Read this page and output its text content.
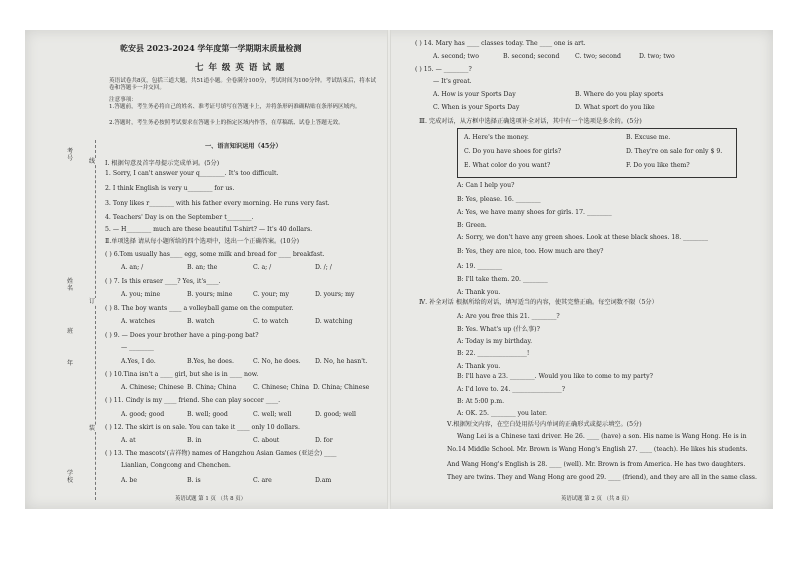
考号	线
姓名
订
班
年
装
学校
乾安县 2023-2024 学年度第一学期期末质量检测
七 年 级 英 语 试 题
英语试卷共8页，包括三道大题，共51道小题。全卷满分100分，考试时间为100分钟。考试结束后，将本试卷和答题卡一并交回。
注意事项：
1.答题前，考生务必将自己的姓名、准考证号填写在答题卡上，并将条形码准确粘贴在条形码区域内。
2.答题时，考生务必按照考试要求在答题卡上的指定区域内作答，在草稿纸、试卷上答题无效。
一、语言知识运用（45分）
Ⅰ. 根据句意及首字母提示完成单词。(5分)
1. Sorry, I can't answer your q________. It's too difficult.
2. I think English is very u________ for us.
3. Tony likes r________ with his father every morning. He runs very fast.
4. Teachers' Day is on the September t________.
5. — H________ much are these beautiful T-shirt? — It's 40 dollars.
Ⅱ.单项选择 请从每小题所给的四个选项中，选出一个正确答案。(10分)
( ) 6.Tom usually has____ egg, some milk and bread for ____ breakfast.
A. an; /	B. an; the	C. a; /	D. /; /
( ) 7. Is this eraser ____? Yes, it's____.
A. you; mine	B. yours; mine	C. your; my	D. yours; my
( ) 8. The boy wants ____ a volleyball game on the computer.
A. watches	B. watch	C. to watch	D. watching
( ) 9. — Does your brother have a ping-pong bat?
— ________
A.Yes, I do.	B.Yes, he does.	C. No, he does. D. No, he hasn't.
( ) 10.Tina isn't a ____ girl, but she is in ____ now.
A. Chinese; Chinese B. China; China	C. Chinese; China D. China; Chinese
( ) 11. Cindy is my ____ friend. She can play soccer ____.
A. good; good	B. well; good	C. well; well	D. good; well
( ) 12. The skirt is on sale. You can take it ____ only 10 dollars.
A. at	B. in	C. about	D. for
( ) 13. The mascots'(吉祥物) names of Hangzhou Asian Games (亚运会) ____
Lianlian, Congcong and Chenchen.
A. be	B. is	C. are	D.am
英语试题 第 1 页 （共 8 页）
( ) 14. Mary has ____ classes today. The ____ one is art.
A. second; two	B. second; second	C. two; second	D. two; two
( ) 15. — ________?
— It's great.
A. How is your Sports Day	B. Where do you play sports
C. When is your Sports Day	D. What sport do you like
Ⅲ. 完成对话，从方框中选择正确选项补全对话，其中有一个选项是多余的。(5分)
A. Here's the money.	B. Excuse me.
C. Do you have shoes for girls?	D. They're on sale for only $ 9.
E. What color do you want?	F. Do you like them?
A: Can I help you?
B: Yes, please. 16. ________
A: Yes, we have many shoes for girls. 17. ________
B: Green.
A: Sorry, we don't have any green shoes. Look at these black shoes. 18. ________
B: Yes, they are nice, too. How much are they?
A: 19. ________
B: I'll take them. 20. ________
A: Thank you.
Ⅳ. 补全对话 根据所给的对话，填写适当的内容，使其完整正确。每空词数不限（5分）
A: Are you free this 21. ________?
B: Yes. What's up (什么事)?
A: Today is my birthday.
B: 22. ________________!
A: Thank you.
B: I'll have a 23. ________. Would you like to come to my party?
A: I'd love to. 24. ________________?
B: At 5:00 p.m.
A: OK. 25. ________ you later.
Ⅴ.根据短文内容，在空白处用括号内单词的正确形式或提示填空。(5分)
Wang Lei is a Chinese taxi driver. He 26. ____ (have) a son. His name is Wang Hong. He is in
No.14 Middle School. Mr. Brown is Wang Hong's English 27. ____ (teach). He likes his students.
And Wang Hong's English is 28. ____ (well). Mr. Brown is from America. He has two daughters.
They are twins. They and Wang Hong are good 29. ____ (friend), and they are all in the same class.
英语试题 第 2 页 （共 8 页）
